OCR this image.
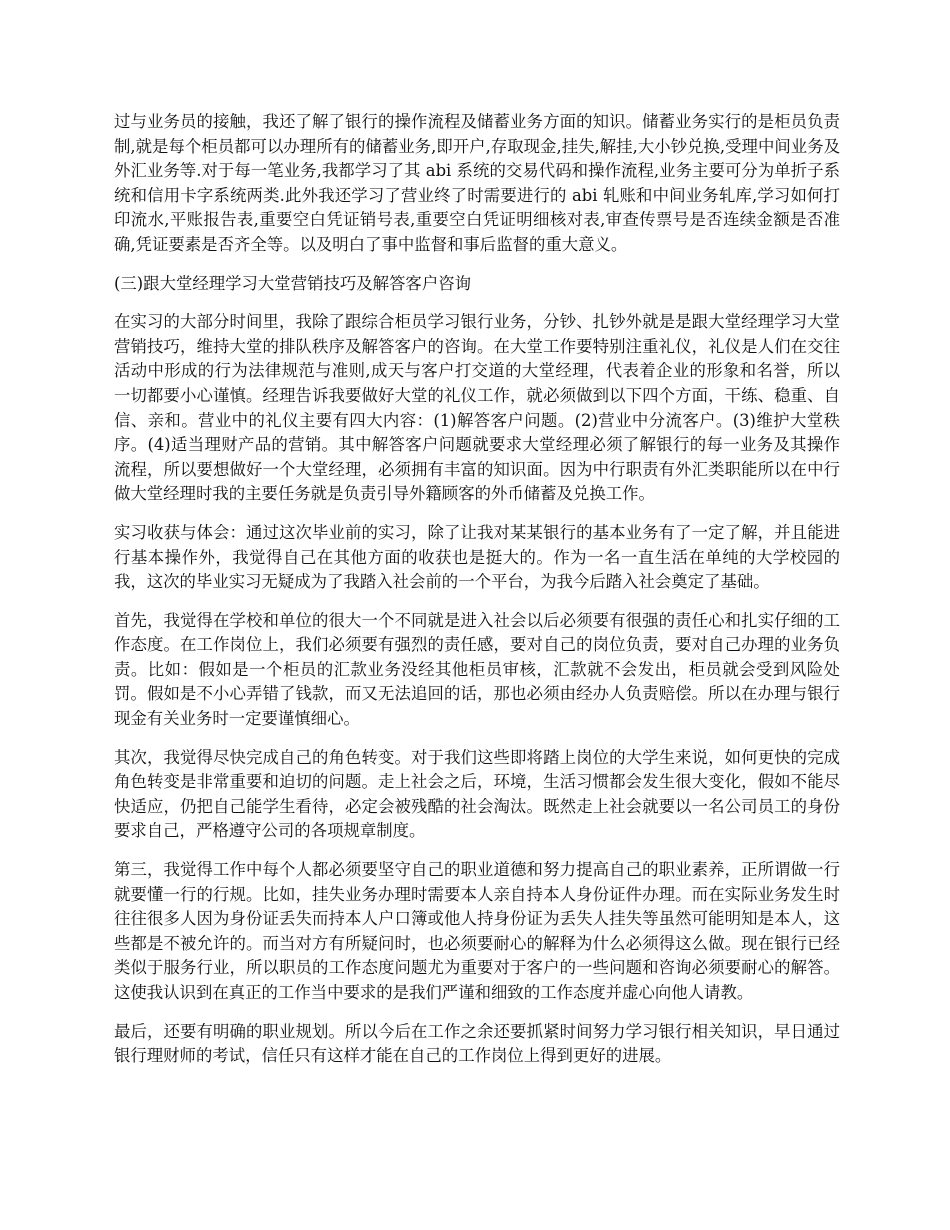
过与业务员的接触，我还了解了银行的操作流程及储蓄业务方面的知识。储蓄业务实行的是柜员负责制,就是每个柜员都可以办理所有的储蓄业务,即开户,存取现金,挂失,解挂,大小钞兑换,受理中间业务及外汇业务等.对于每一笔业务,我都学习了其 abi 系统的交易代码和操作流程,业务主要可分为单折子系统和信用卡字系统两类.此外我还学习了营业终了时需要进行的 abi 轧账和中间业务轧库,学习如何打印流水,平账报告表,重要空白凭证销号表,重要空白凭证明细核对表,审查传票号是否连续金额是否准确,凭证要素是否齐全等。以及明白了事中监督和事后监督的重大意义。

(三)跟大堂经理学习大堂营销技巧及解答客户咨询

在实习的大部分时间里，我除了跟综合柜员学习银行业务，分钞、扎钞外就是是跟大堂经理学习大堂营销技巧，维持大堂的排队秩序及解答客户的咨询。在大堂工作要特别注重礼仪，礼仪是人们在交往活动中形成的行为法律规范与准则,成天与客户打交道的大堂经理，代表着企业的形象和名誉，所以一切都要小心谨慎。经理告诉我要做好大堂的礼仪工作，就必须做到以下四个方面，干练、稳重、自信、亲和。营业中的礼仪主要有四大内容：(1)解答客户问题。(2)营业中分流客户。(3)维护大堂秩序。(4)适当理财产品的营销。其中解答客户问题就要求大堂经理必须了解银行的每一业务及其操作流程，所以要想做好一个大堂经理，必须拥有丰富的知识面。因为中行职责有外汇类职能所以在中行做大堂经理时我的主要任务就是负责引导外籍顾客的外币储蓄及兑换工作。

实习收获与体会：通过这次毕业前的实习，除了让我对某某银行的基本业务有了一定了解，并且能进行基本操作外，我觉得自己在其他方面的收获也是挺大的。作为一名一直生活在单纯的大学校园的我，这次的毕业实习无疑成为了我踏入社会前的一个平台，为我今后踏入社会奠定了基础。

首先，我觉得在学校和单位的很大一个不同就是进入社会以后必须要有很强的责任心和扎实仔细的工作态度。在工作岗位上，我们必须要有强烈的责任感，要对自己的岗位负责，要对自己办理的业务负责。比如：假如是一个柜员的汇款业务没经其他柜员审核，汇款就不会发出，柜员就会受到风险处罚。假如是不小心弄错了钱款，而又无法追回的话，那也必须由经办人负责赔偿。所以在办理与银行现金有关业务时一定要谨慎细心。

其次，我觉得尽快完成自己的角色转变。对于我们这些即将踏上岗位的大学生来说，如何更快的完成角色转变是非常重要和迫切的问题。走上社会之后，环境，生活习惯都会发生很大变化，假如不能尽快适应，仍把自己能学生看待，必定会被残酷的社会淘汰。既然走上社会就要以一名公司员工的身份要求自己，严格遵守公司的各项规章制度。

第三，我觉得工作中每个人都必须要坚守自己的职业道德和努力提高自己的职业素养，正所谓做一行就要懂一行的行规。比如，挂失业务办理时需要本人亲自持本人身份证件办理。而在实际业务发生时往往很多人因为身份证丢失而持本人户口簿或他人持身份证为丢失人挂失等虽然可能明知是本人，这些都是不被允许的。而当对方有所疑问时，也必须要耐心的解释为什么必须得这么做。现在银行已经类似于服务行业，所以职员的工作态度问题尤为重要对于客户的一些问题和咨询必须要耐心的解答。这使我认识到在真正的工作当中要求的是我们严谨和细致的工作态度并虚心向他人请教。

最后，还要有明确的职业规划。所以今后在工作之余还要抓紧时间努力学习银行相关知识，早日通过银行理财师的考试，信任只有这样才能在自己的工作岗位上得到更好的进展。
